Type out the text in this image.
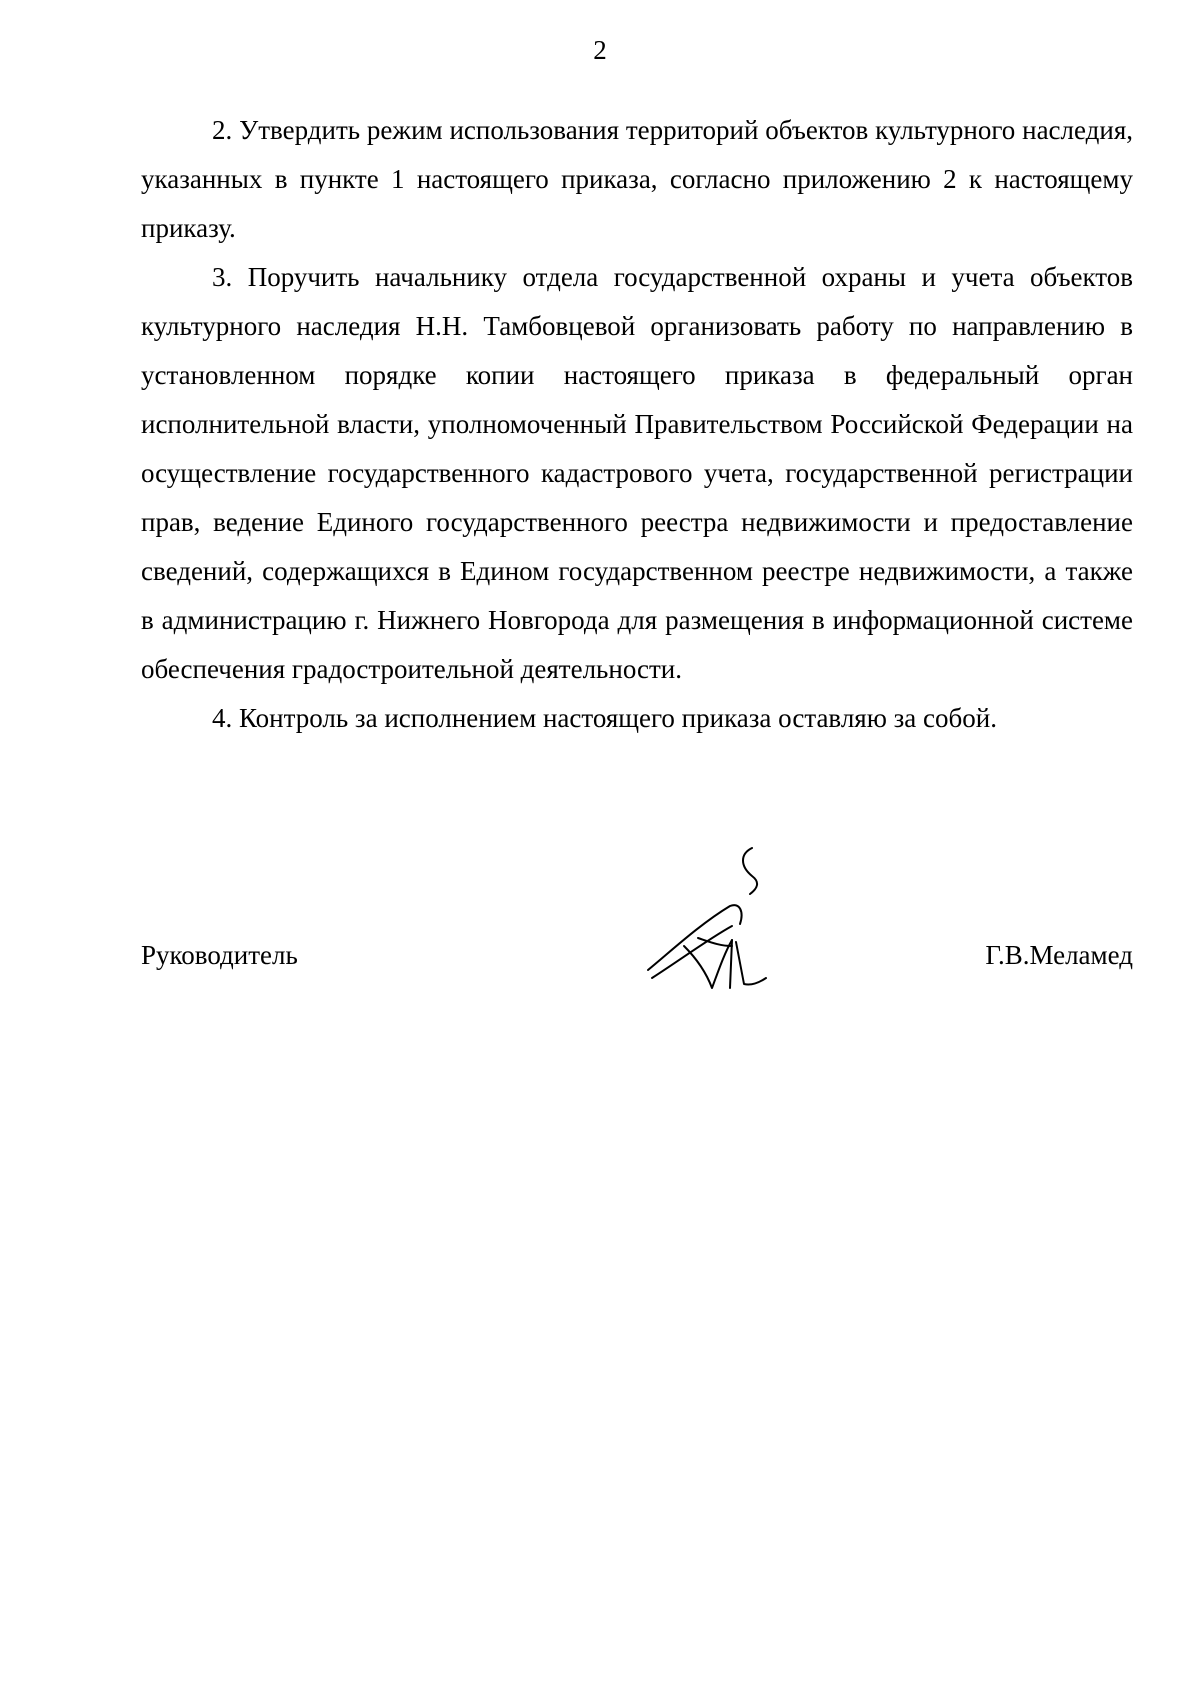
2

2. Утвердить режим использования территорий объектов культурного наследия, указанных в пункте 1 настоящего приказа, согласно приложению 2 к настоящему приказу.

3. Поручить начальнику отдела государственной охраны и учета объектов культурного наследия Н.Н. Тамбовцевой организовать работу по направлению в установленном порядке копии настоящего приказа в федеральный орган исполнительной власти, уполномоченный Правительством Российской Федерации на осуществление государственного кадастрового учета, государственной регистрации прав, ведение Единого государственного реестра недвижимости и предоставление сведений, содержащихся в Едином государственном реестре недвижимости, а также в администрацию г. Нижнего Новгорода для размещения в информационной системе обеспечения градостроительной деятельности.

4. Контроль за исполнением настоящего приказа оставляю за собой.

Руководитель	Г.В.Меламед
